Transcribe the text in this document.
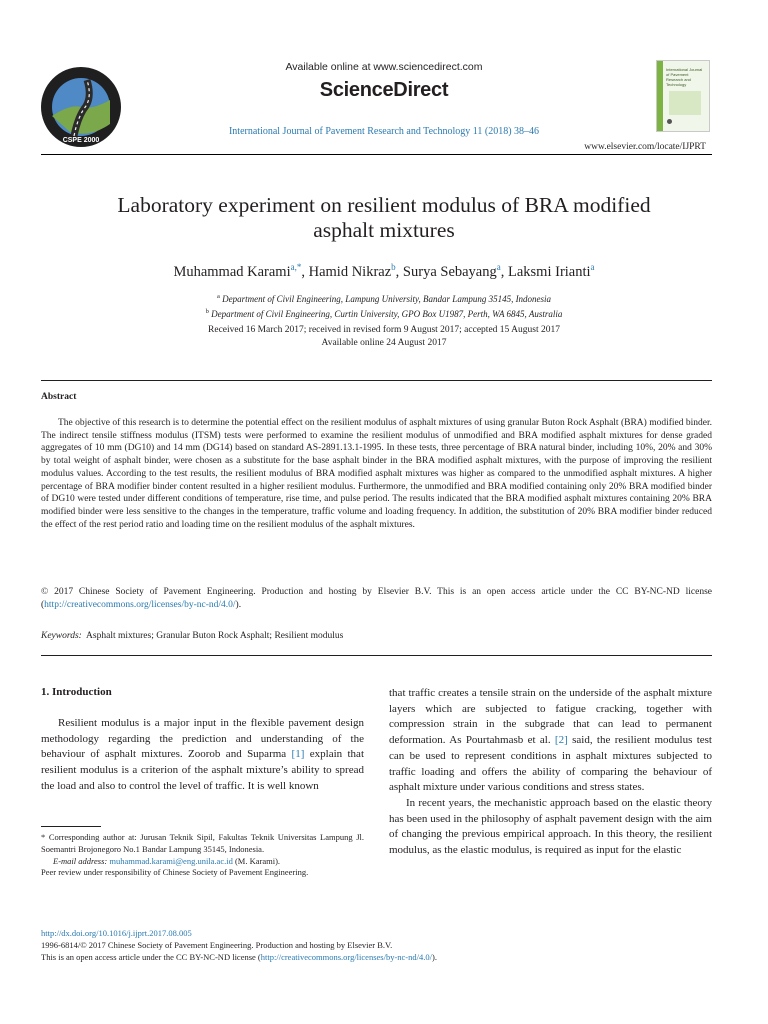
CSPE 2000
Available online at www.sciencedirect.com
ScienceDirect
International Journal of Pavement Research and Technology 11 (2018) 38–46
International Journal of Pavement Research and Technology
www.elsevier.com/locate/IJPRT
Laboratory experiment on resilient modulus of BRA modified
asphalt mixtures
Muhammad Karami$^{a,*}$, Hamid Nikraz$^b$, Surya Sebayang$^a$, Laksmi Irianti$^a$
$^a$ Department of Civil Engineering, Lampung University, Bandar Lampung 35145, Indonesia
$^b$ Department of Civil Engineering, Curtin University, GPO Box U1987, Perth, WA 6845, Australia
Received 16 March 2017; received in revised form 9 August 2017; accepted 15 August 2017
Available online 24 August 2017
Abstract

The objective of this research is to determine the potential effect on the resilient modulus of asphalt mixtures of using granular Buton Rock Asphalt (BRA) modified binder. The indirect tensile stiffness modulus (ITSM) tests were performed to examine the resilient modulus of unmodified and BRA modified asphalt mixtures for dense graded aggregates of 10 mm (DG10) and 14 mm (DG14) based on standard AS-2891.13.1-1995. In these tests, three percentage of BRA natural binder, including 10%, 20% and 30% by total weight of asphalt binder, were chosen as a substitute for the base asphalt binder in the BRA modified asphalt mixtures, with the purpose of improving the resilient modulus values. According to the test results, the resilient modulus of BRA modified asphalt mixtures was higher as compared to the unmodified asphalt mixtures. A higher percentage of BRA modifier binder content resulted in a higher resilient modulus. Furthermore, the unmodified and BRA modified containing only 20% BRA modified binder of DG10 were tested under different conditions of temperature, rise time, and pulse period. The results indicated that the BRA modified asphalt mixtures containing 20% BRA modified binder were less sensitive to the changes in the temperature, traffic volume and loading frequency. In addition, the substitution of 20% BRA modifier binder reduced the effect of the rest period ratio and loading time on the resilient modulus of the asphalt mixtures.

© 2017 Chinese Society of Pavement Engineering. Production and hosting by Elsevier B.V. This is an open access article under the CC BY-NC-ND license (http://creativecommons.org/licenses/by-nc-nd/4.0/).
Keywords: Asphalt mixtures; Granular Buton Rock Asphalt; Resilient modulus
1. Introduction

Resilient modulus is a major input in the flexible pavement design methodology regarding the prediction and understanding of the behaviour of asphalt mixtures. Zoorob and Suparma [1] explain that resilient modulus is a criterion of the asphalt mixture’s ability to spread the load and also to control the level of traffic. It is well known

that traffic creates a tensile strain on the underside of the asphalt mixture layers which are subjected to fatigue cracking, together with compression strain in the subgrade that can lead to permanent deformation. As Pourtahmasb et al. [2] said, the resilient modulus test can be used to represent conditions in asphalt mixtures subjected to traffic loading and offers the ability of comparing the behaviour of asphalt mixture under various conditions and stress states.

In recent years, the mechanistic approach based on the elastic theory has been used in the philosophy of asphalt pavement design with the aim of changing the previous empirical approach. In this theory, the resilient modulus, as the elastic modulus, is required as input for the elastic

* Corresponding author at: Jurusan Teknik Sipil, Fakultas Teknik Universitas Lampung Jl. Soemantri Brojonegoro No.1 Bandar Lampung 35145, Indonesia.

E-mail address: muhammad.karami@eng.unila.ac.id (M. Karami).

Peer review under responsibility of Chinese Society of Pavement Engineering.

http://dx.doi.org/10.1016/j.ijprt.2017.08.005

1996-6814/© 2017 Chinese Society of Pavement Engineering. Production and hosting by Elsevier B.V.

This is an open access article under the CC BY-NC-ND license (http://creativecommons.org/licenses/by-nc-nd/4.0/).
